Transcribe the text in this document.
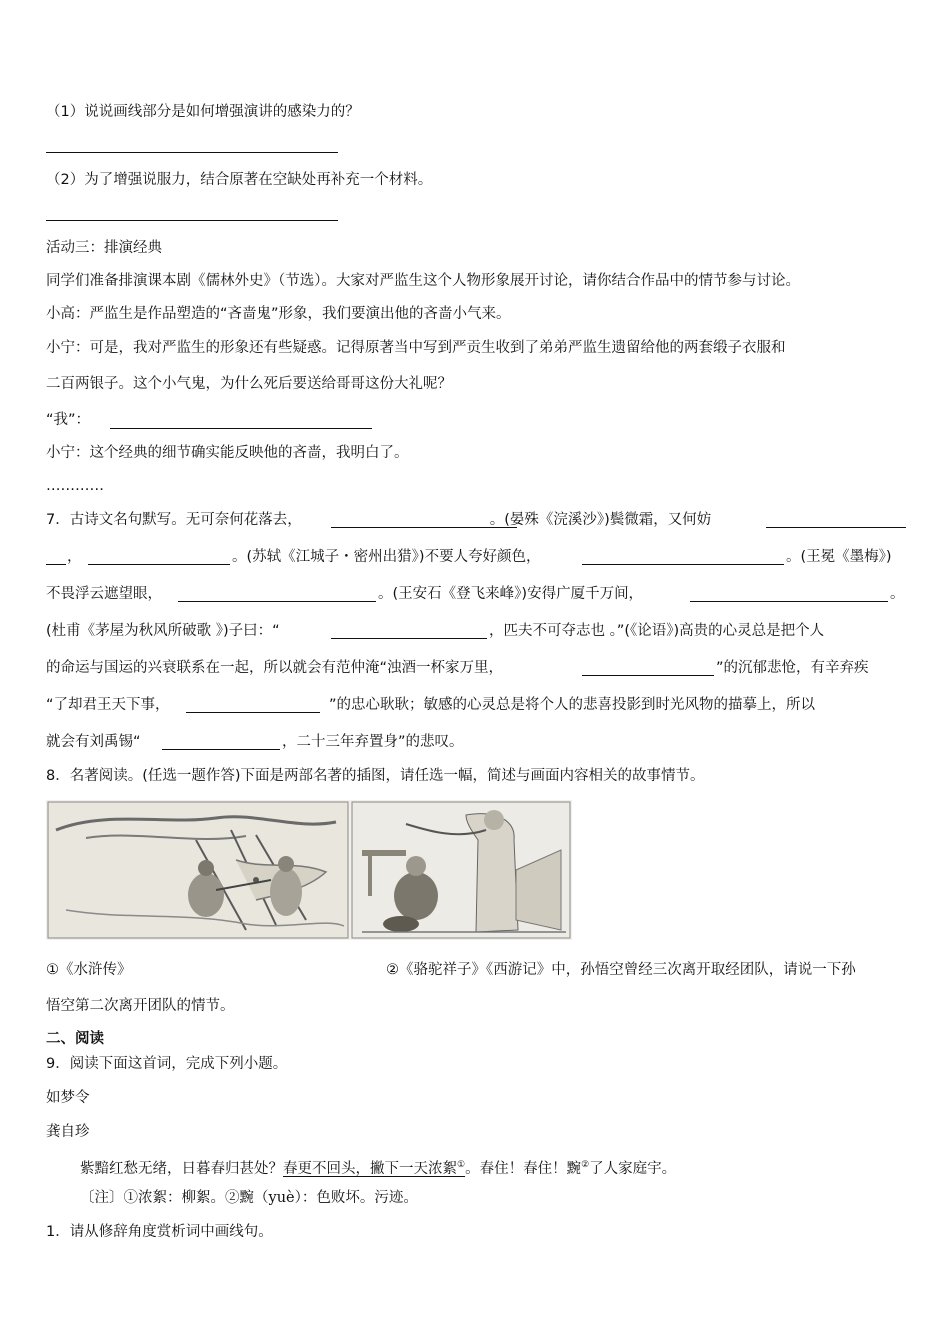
（1）说说画线部分是如何增强演讲的感染力的？
（2）为了增强说服力，结合原著在空缺处再补充一个材料。
活动三：排演经典
同学们准备排演课本剧《儒林外史》（节选）。大家对严监生这个人物形象展开讨论，请你结合作品中的情节参与讨论。
小高：严监生是作品塑造的“吝啬鬼”形象，我们要演出他的吝啬小气来。
小宁：可是，我对严监生的形象还有些疑惑。记得原著当中写到严贡生收到了弟弟严监生遗留给他的两套缎子衣服和
二百两银子。这个小气鬼，为什么死后要送给哥哥这份大礼呢？
“我”：
小宁：这个经典的细节确实能反映他的吝啬，我明白了。
…………
7．古诗文名句默写。无可奈何花落去，	。(晏殊《浣溪沙》)鬓微霜，又何妨
，	。(苏轼《江城子・密州出猎》)不要人夸好颜色，	。(王冕《墨梅》)
不畏浮云遮望眼，	。(王安石《登飞来峰》)安得广厦千万间，	。
(杜甫《茅屋为秋风所破歌 》)子曰：“	，匹夫不可夺志也 。”(《论语》)高贵的心灵总是把个人
的命运与国运的兴衰联系在一起，所以就会有范仲淹“浊酒一杯家万里，	”的沉郁悲怆，有辛弃疾
“了却君王天下事，	”的忠心耿耿；敏感的心灵总是将个人的悲喜投影到时光风物的描摹上，所以
就会有刘禹锡“	，二十三年弃置身”的悲叹。
8．名著阅读。(任选一题作答)下面是两部名著的插图，请任选一幅，简述与画面内容相关的故事情节。
①《水浒传》	②《骆驼祥子》《西游记》中，孙悟空曾经三次离开取经团队，请说一下孙
悟空第二次离开团队的情节。
二、阅读
9．阅读下面这首词，完成下列小题。
如梦令
龚自珍
紫黯红愁无绪，日暮春归甚处？春更不回头，撇下一天浓絮①。春住！春住！黦②了人家庭宇。
〔注〕①浓絮：柳絮。②黦（yuè）：色败坏。污迹。
1．请从修辞角度赏析词中画线句。
